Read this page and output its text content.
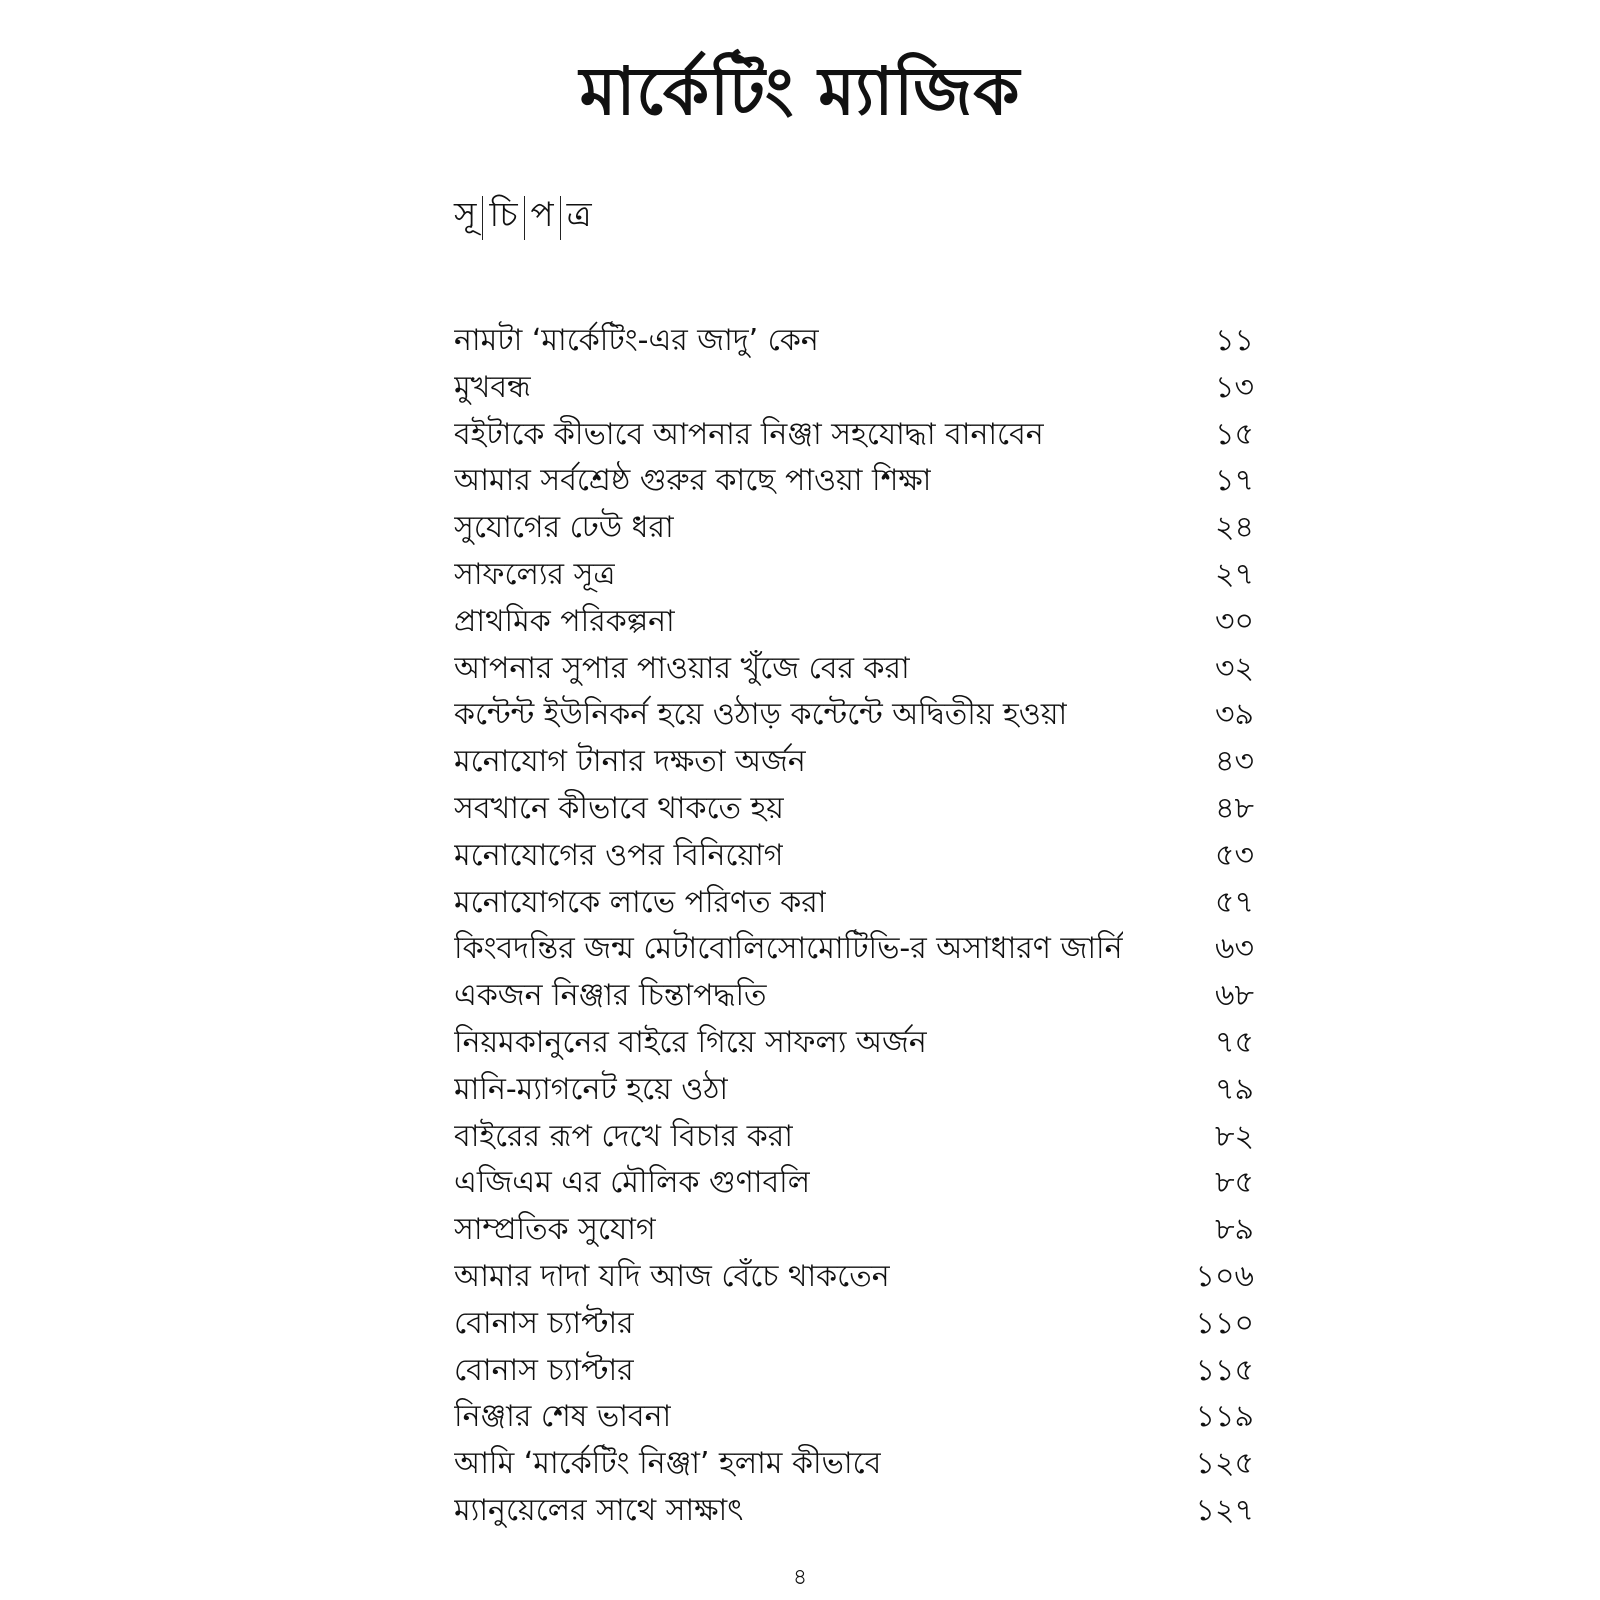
মার্কেটিং ম্যাজিক
সূ চি প ত্র
নামটা ‘মার্কেটিং-এর জাদু’ কেন	১১
মুখবন্ধ	১৩
বইটাকে কীভাবে আপনার নিঞ্জা সহযোদ্ধা বানাবেন	১৫
আমার সর্বশ্রেষ্ঠ গুরুর কাছে পাওয়া শিক্ষা	১৭
সুযোগের ঢেউ ধরা	২৪
সাফল্যের সূত্র	২৭
প্রাথমিক পরিকল্পনা	৩০
আপনার সুপার পাওয়ার খুঁজে বের করা	৩২
কন্টেন্ট ইউনিকর্ন হয়ে ওঠাড় কন্টেন্টে অদ্বিতীয় হওয়া	৩৯
মনোযোগ টানার দক্ষতা অর্জন	৪৩
সবখানে কীভাবে থাকতে হয়	৪৮
মনোযোগের ওপর বিনিয়োগ	৫৩
মনোযোগকে লাভে পরিণত করা	৫৭
কিংবদন্তির জন্ম মেটাবোলিসোমোটিভি-র অসাধারণ জার্নি	৬৩
একজন নিঞ্জার চিন্তাপদ্ধতি	৬৮
নিয়মকানুনের বাইরে গিয়ে সাফল্য অর্জন	৭৫
মানি-ম্যাগনেট হয়ে ওঠা	৭৯
বাইরের রূপ দেখে বিচার করা	৮২
এজিএম এর মৌলিক গুণাবলি	৮৫
সাম্প্রতিক সুযোগ	৮৯
আমার দাদা যদি আজ বেঁচে থাকতেন	১০৬
বোনাস চ্যাপ্টার	১১০
বোনাস চ্যাপ্টার	১১৫
নিঞ্জার শেষ ভাবনা	১১৯
আমি ‘মার্কেটিং নিঞ্জা’ হলাম কীভাবে	১২৫
ম্যানুয়েলের সাথে সাক্ষাৎ	১২৭
৪
